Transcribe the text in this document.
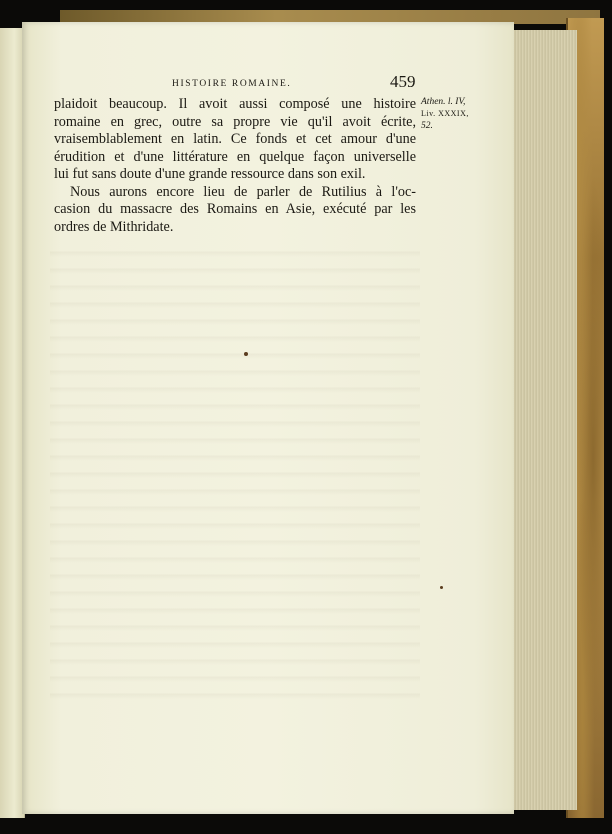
HISTOIRE ROMAINE.	459
plaidoit beaucoup. Il avoit aussi composé une histoire
romaine en grec, outre sa propre vie qu'il avoit écrite,
vraisemblablement en latin. Ce fonds et cet amour d'une
érudition et d'une littérature en quelque façon universelle
lui fut sans doute d'une grande ressource dans son exil.
Nous aurons encore lieu de parler de Rutilius à l'oc-
casion du massacre des Romains en Asie, exécuté par les
ordres de Mithridate.
Athen. l. IV,
Liv. XXXIX,
52.
